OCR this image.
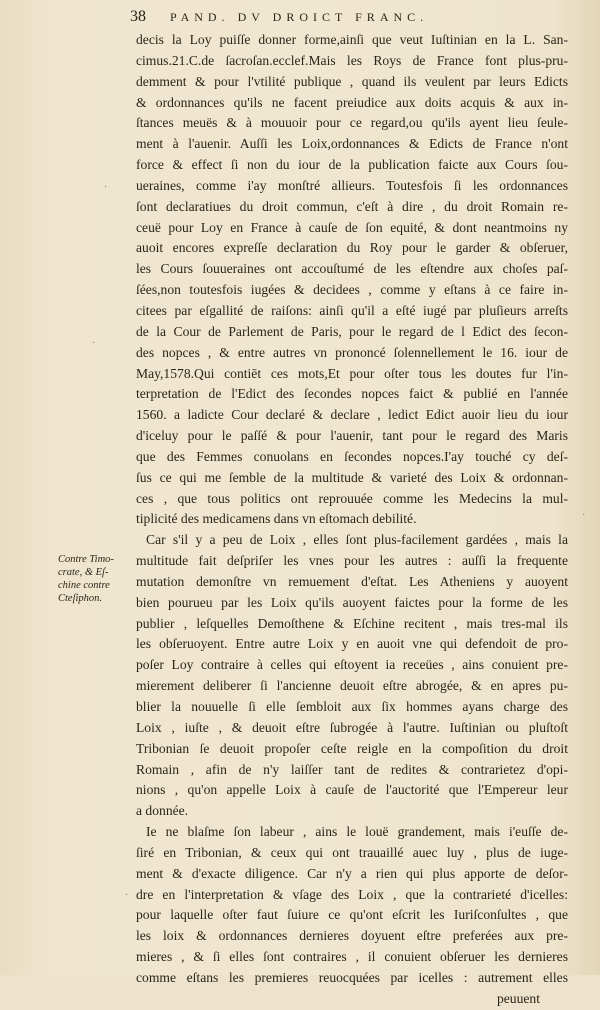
38 PAND. DV DROICT FRANC.
decis la Loy puiſſe donner forme,ainſi que veut Iuſtinian en la L. San-
cimus.21.C.de ſacroſan.ecclef.Mais les Roys de France font plus-pru-
demment & pour l'vtilité publique , quand ils veulent par leurs Edicts
& ordonnances qu'ils ne facent preiudice aux doits acquis & aux in-
ſtances meuës & à mouuoir pour ce regard,ou qu'ils ayent lieu ſeule-
ment à l'auenir. Auſſi les Loix,ordonnances & Edicts de France n'ont
force & effect ſi non du iour de la publication faicte aux Cours ſou-
ueraines, comme i'ay monſtré allieurs. Toutesfois ſi les ordonnances
ſont declaratiues du droit commun, c'eſt à dire , du droit Romain re-
ceuë pour Loy en France à cauſe de ſon equité, & dont neantmoins ny
auoit encores expreſſe declaration du Roy pour le garder & obſeruer,
les Cours ſouueraines ont accouſtumé de les eſtendre aux choſes paſ-
ſées,non toutesfois iugées & decidees , comme y eſtans à ce faire in-
citees par eſgallité de raiſons: ainſi qu'il a eſté iugé par pluſieurs arreſts
de la Cour de Parlement de Paris, pour le regard de l Edict des ſecon-
des nopces , & entre autres vn prononcé ſolennellement le 16. iour de
May,1578.Qui contiēt ces mots,Et pour oſter tous les doutes fur l'in-
terpretation de l'Edict des ſecondes nopces faict & publié en l'année
1560. a ladicte Cour declaré & declare , ledict Edict auoir lieu du iour
d'iceluy pour le paſſé & pour l'auenir, tant pour le regard des Maris
que des Femmes conuolans en ſecondes nopces.I'ay touché cy deſ-
ſus ce qui me ſemble de la multitude & varieté des Loix & ordonnan-
ces , que tous politics ont reprouuée comme les Medecins la mul-
tiplicité des medicamens dans vn eſtomach debilité.
Car s'il y a peu de Loix , elles ſont plus-facilement gardées , mais la
multitude fait deſpriſer les vnes pour les autres : auſſi la frequente
mutation demonſtre vn remuement d'eſtat. Les Atheniens y auoyent
bien pourueu par les Loix qu'ils auoyent faictes pour la forme de les
publier , leſquelles Demoſthene & Eſchine recitent , mais tres-mal ils
les obſeruoyent. Entre autre Loix y en auoit vne qui defendoit de pro-
poſer Loy contraire à celles qui eſtoyent ia receües , ains conuient pre-
mierement deliberer ſi l'ancienne deuoit eſtre abrogée, & en apres pu-
blier la nouuelle ſi elle ſembloit aux ſix hommes ayans charge des
Loix , iuſte , & deuoit eſtre ſubrogée à l'autre. Iuſtinian ou pluſtoſt
Tribonian ſe deuoit propoſer ceſte reigle en la compoſition du droit
Romain , afin de n'y laiſſer tant de redites & contrarietez d'opi-
nions , qu'on appelle Loix à cauſe de l'auctorité que l'Empereur leur
a donnée.
Ie ne blaſme ſon labeur , ains le louë grandement, mais i'euſſe de-
ſiré en Tribonian, & ceux qui ont trauaillé auec luy , plus de iuge-
ment & d'exacte diligence. Car n'y a rien qui plus apporte de deſor-
dre en l'interpretation & vſage des Loix , que la contrarieté d'icelles:
pour laquelle oſter faut ſuiure ce qu'ont eſcrit les Iuriſconſultes , que
les loix & ordonnances dernieres doyuent eſtre preferées aux pre-
mieres , & ſi elles ſont contraires , il conuient obſeruer les dernieres
comme eſtans les premieres reuocquées par icelles : autrement elles
peuuent
Contre Timo-
crate, & Eſ-
chine contre
Cteſiphon.
·
·
·
·
